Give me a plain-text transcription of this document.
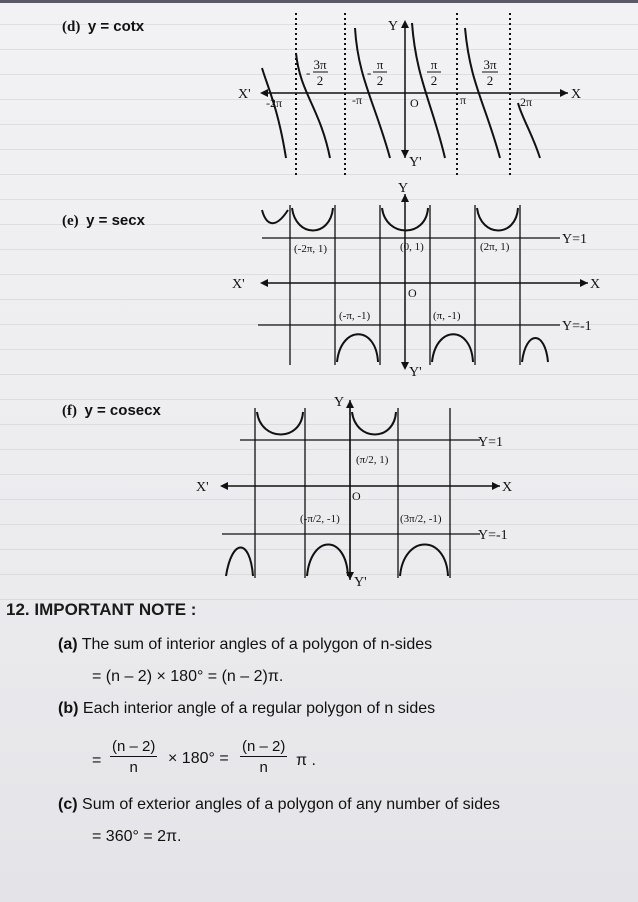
(d) y = cotx
3π
2
-
π
2
-
π
2
3π
2
-2π	-π	π	2π
O
X'	X
Y
Y'
(e) y = secx
(-2π, 1)	(0, 1)	(2π, 1)
(-π, -1)	(π, -1)
Y=1
Y=-1
O
X'	X
Y
Y'
(f) y = cosecx
(π/2, 1)
(-π/2, -1)	(3π/2, -1)
Y=1
Y=-1
O
X'	X
Y
Y'
12. IMPORTANT NOTE :
(a) The sum of interior angles of a polygon of n-sides
= (n – 2) × 180° = (n – 2)π.
(b) Each interior angle of a regular polygon of n sides
= $\frac{(n - 2)}{n} \times 180^\circ = \frac{(n - 2)}{n}$ π .
(c) Sum of exterior angles of a polygon of any number of sides
= 360° = 2π.
